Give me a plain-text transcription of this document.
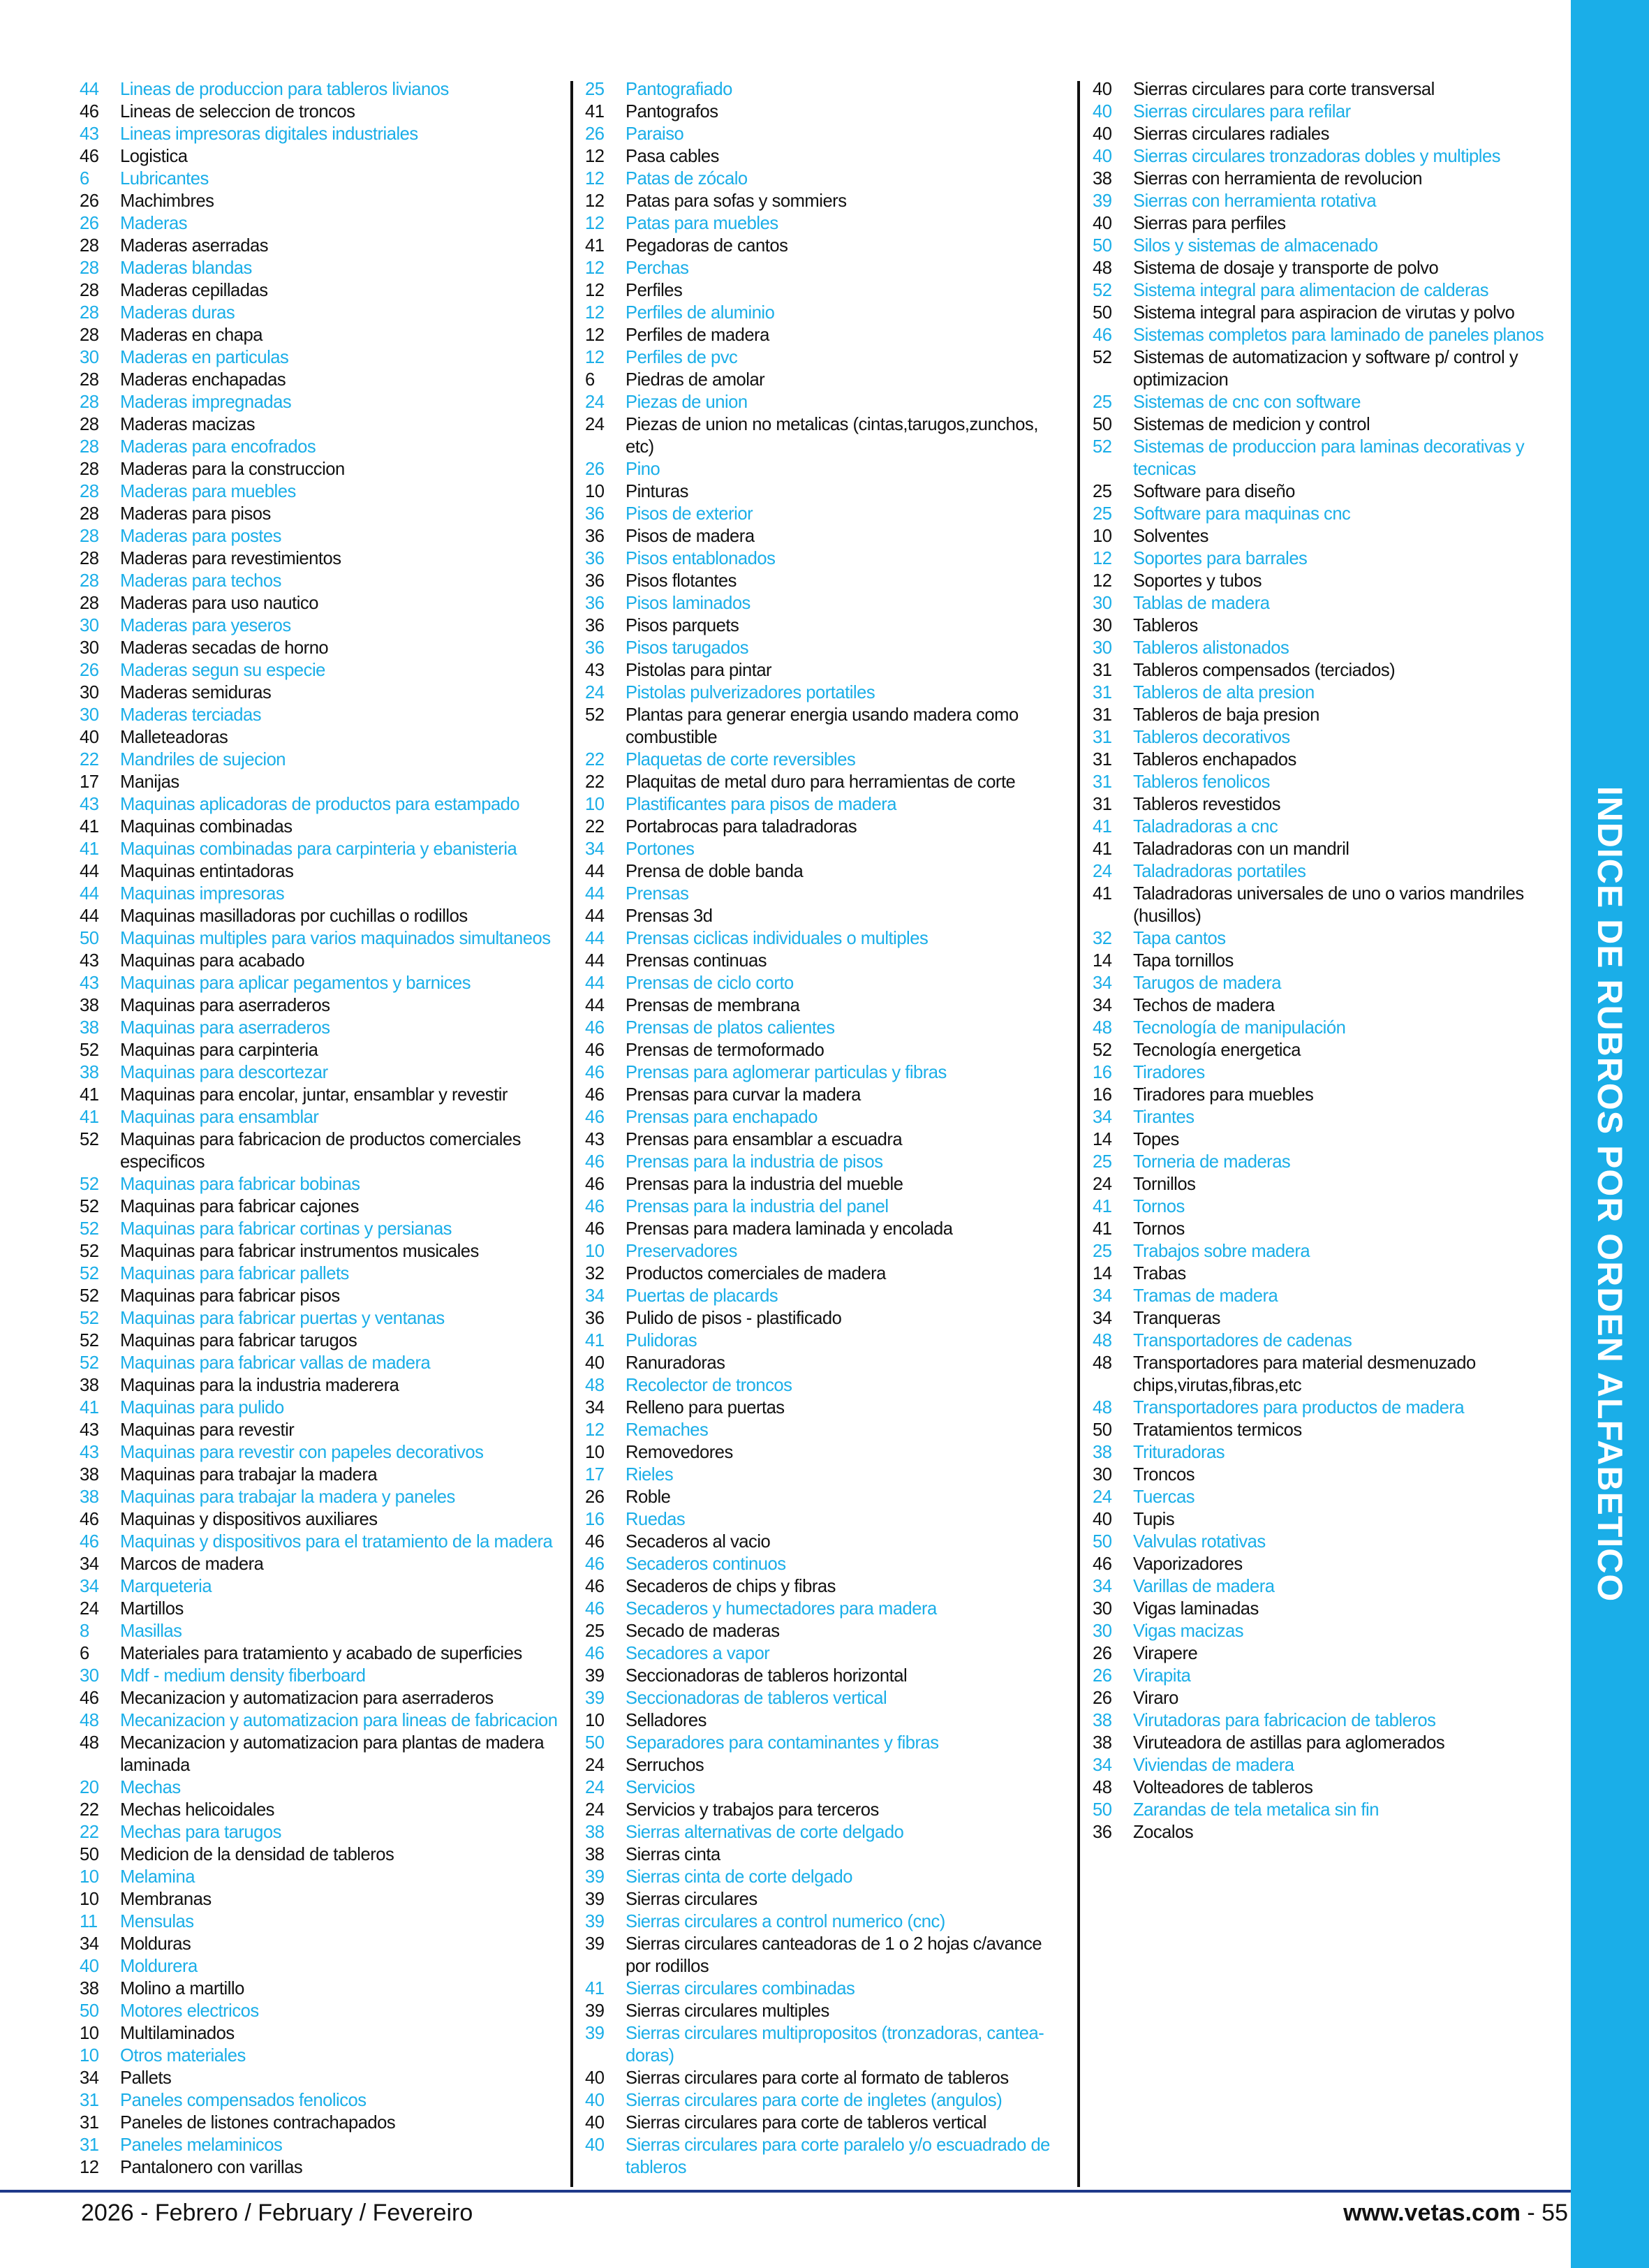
44	Lineas de produccion para tableros livianos
46	Lineas de seleccion de troncos
43	Lineas impresoras digitales industriales
46	Logistica
6	Lubricantes
26	Machimbres
26	Maderas
28	Maderas aserradas
28	Maderas blandas
28	Maderas cepilladas
28	Maderas duras
28	Maderas en chapa
30	Maderas en particulas
28	Maderas enchapadas
28	Maderas impregnadas
28	Maderas macizas
28	Maderas para encofrados
28	Maderas para la construccion
28	Maderas para muebles
28	Maderas para pisos
28	Maderas para postes
28	Maderas para revestimientos
28	Maderas para techos
28	Maderas para uso nautico
30	Maderas para yeseros
30	Maderas secadas de horno
26	Maderas segun su especie
30	Maderas semiduras
30	Maderas terciadas
40	Malleteadoras
22	Mandriles de sujecion
17	Manijas
43	Maquinas aplicadoras de productos para estampado
41	Maquinas combinadas
41	Maquinas combinadas para carpinteria y ebanisteria
44	Maquinas entintadoras
44	Maquinas impresoras
44	Maquinas masilladoras por cuchillas o rodillos
50	Maquinas multiples para varios maquinados simultaneos
43	Maquinas para acabado
43	Maquinas para aplicar pegamentos y barnices
38	Maquinas para aserraderos
38	Maquinas para aserraderos
52	Maquinas para carpinteria
38	Maquinas para descortezar
41	Maquinas para encolar, juntar, ensamblar y revestir
41	Maquinas para ensamblar
52	Maquinas para fabricacion de productos comerciales especificos
52	Maquinas para fabricar bobinas
52	Maquinas para fabricar cajones
52	Maquinas para fabricar cortinas y persianas
52	Maquinas para fabricar instrumentos musicales
52	Maquinas para fabricar pallets
52	Maquinas para fabricar pisos
52	Maquinas para fabricar puertas y ventanas
52	Maquinas para fabricar tarugos
52	Maquinas para fabricar vallas de madera
38	Maquinas para la industria maderera
41	Maquinas para pulido
43	Maquinas para revestir
43	Maquinas para revestir con papeles decorativos
38	Maquinas para trabajar la madera
38	Maquinas para trabajar la madera y paneles
46	Maquinas y dispositivos auxiliares
46	Maquinas y dispositivos para el tratamiento de la madera
34	Marcos de madera
34	Marqueteria
24	Martillos
8	Masillas
6	Materiales para tratamiento y acabado de superficies
30	Mdf - medium density fiberboard
46	Mecanizacion y automatizacion para aserraderos
48	Mecanizacion y automatizacion para lineas de fabricacion
48	Mecanizacion y automatizacion para plantas de madera laminada
20	Mechas
22	Mechas helicoidales
22	Mechas para tarugos
50	Medicion de la densidad de tableros
10	Melamina
10	Membranas
11	Mensulas
34	Molduras
40	Moldurera
38	Molino a martillo
50	Motores electricos
10	Multilaminados
10	Otros materiales
34	Pallets
31	Paneles compensados fenolicos
31	Paneles de listones contrachapados
31	Paneles melaminicos
12	Pantalonero con varillas
25	Pantografiado
41	Pantografos
26	Paraiso
12	Pasa cables
12	Patas de zócalo
12	Patas para sofas y sommiers
12	Patas para muebles
41	Pegadoras de cantos
12	Perchas
12	Perfiles
12	Perfiles de aluminio
12	Perfiles de madera
12	Perfiles de pvc
6	Piedras de amolar
24	Piezas de union
24	Piezas de union no metalicas (cintas,tarugos,zunchos, etc)
26	Pino
10	Pinturas
36	Pisos de exterior
36	Pisos de madera
36	Pisos entablonados
36	Pisos flotantes
36	Pisos laminados
36	Pisos parquets
36	Pisos tarugados
43	Pistolas para pintar
24	Pistolas pulverizadores portatiles
52	Plantas para generar energia usando madera como combustible
22	Plaquetas de corte reversibles
22	Plaquitas de metal duro para herramientas de corte
10	Plastificantes para pisos de madera
22	Portabrocas para taladradoras
34	Portones
44	Prensa de doble banda
44	Prensas
44	Prensas 3d
44	Prensas ciclicas individuales o multiples
44	Prensas continuas
44	Prensas de ciclo corto
44	Prensas de membrana
46	Prensas de platos calientes
46	Prensas de termoformado
46	Prensas para aglomerar particulas y fibras
46	Prensas para curvar la madera
46	Prensas para enchapado
43	Prensas para ensamblar a escuadra
46	Prensas para la industria de pisos
46	Prensas para la industria del mueble
46	Prensas para la industria del panel
46	Prensas para madera laminada y encolada
10	Preservadores
32	Productos comerciales de madera
34	Puertas de placards
36	Pulido de pisos - plastificado
41	Pulidoras
40	Ranuradoras
48	Recolector de troncos
34	Relleno para puertas
12	Remaches
10	Removedores
17	Rieles
26	Roble
16	Ruedas
46	Secaderos al vacio
46	Secaderos continuos
46	Secaderos de chips y fibras
46	Secaderos y humectadores para madera
25	Secado de maderas
46	Secadores a vapor
39	Seccionadoras de tableros horizontal
39	Seccionadoras de tableros vertical
10	Selladores
50	Separadores para contaminantes y fibras
24	Serruchos
24	Servicios
24	Servicios y trabajos para terceros
38	Sierras alternativas de corte delgado
38	Sierras cinta
39	Sierras cinta de corte delgado
39	Sierras circulares
39	Sierras circulares a control numerico (cnc)
39	Sierras circulares canteadoras de 1 o 2 hojas c/avance por rodillos
41	Sierras circulares combinadas
39	Sierras circulares multiples
39	Sierras circulares multipropositos (tronzadoras, cantea-doras)
40	Sierras circulares para corte al formato de tableros
40	Sierras circulares para corte de ingletes (angulos)
40	Sierras circulares para corte de tableros vertical
40	Sierras circulares para corte paralelo y/o escuadrado de tableros
40	Sierras circulares para corte transversal
40	Sierras circulares para refilar
40	Sierras circulares radiales
40	Sierras circulares tronzadoras dobles y multiples
38	Sierras con herramienta de revolucion
39	Sierras con herramienta rotativa
40	Sierras para perfiles
50	Silos y sistemas de almacenado
48	Sistema de dosaje y transporte de polvo
52	Sistema integral para alimentacion de calderas
50	Sistema integral para aspiracion de virutas y polvo
46	Sistemas completos para laminado de paneles planos
52	Sistemas de automatizacion y software p/ control y optimizacion
25	Sistemas de cnc con software
50	Sistemas de medicion y control
52	Sistemas de produccion para laminas decorativas y tecnicas
25	Software para diseño
25	Software para maquinas cnc
10	Solventes
12	Soportes para barrales
12	Soportes y tubos
30	Tablas de madera
30	Tableros
30	Tableros alistonados
31	Tableros compensados (terciados)
31	Tableros de alta presion
31	Tableros de baja presion
31	Tableros decorativos
31	Tableros enchapados
31	Tableros fenolicos
31	Tableros revestidos
41	Taladradoras a cnc
41	Taladradoras con un mandril
24	Taladradoras portatiles
41	Taladradoras universales de uno o varios mandriles (husillos)
32	Tapa cantos
14	Tapa tornillos
34	Tarugos de madera
34	Techos de madera
48	Tecnología de manipulación
52	Tecnología energetica
16	Tiradores
16	Tiradores para muebles
34	Tirantes
14	Topes
25	Torneria de maderas
24	Tornillos
41	Tornos
41	Tornos
25	Trabajos sobre madera
14	Trabas
34	Tramas de madera
34	Tranqueras
48	Transportadores de cadenas
48	Transportadores para material desmenuzado chips,virutas,fibras,etc
48	Transportadores para productos de madera
50	Tratamientos termicos
38	Trituradoras
30	Troncos
24	Tuercas
40	Tupis
50	Valvulas rotativas
46	Vaporizadores
34	Varillas de madera
30	Vigas laminadas
30	Vigas macizas
26	Virapere
26	Virapita
26	Viraro
38	Virutadoras para fabricacion de tableros
38	Viruteadora de astillas para aglomerados
34	Viviendas de madera
48	Volteadores de tableros
50	Zarandas de tela metalica sin fin
36	Zocalos
INDICE DE RUBROS POR ORDEN ALFABETICO
2026 - Febrero / February / Fevereiro	www.vetas.com - 55
